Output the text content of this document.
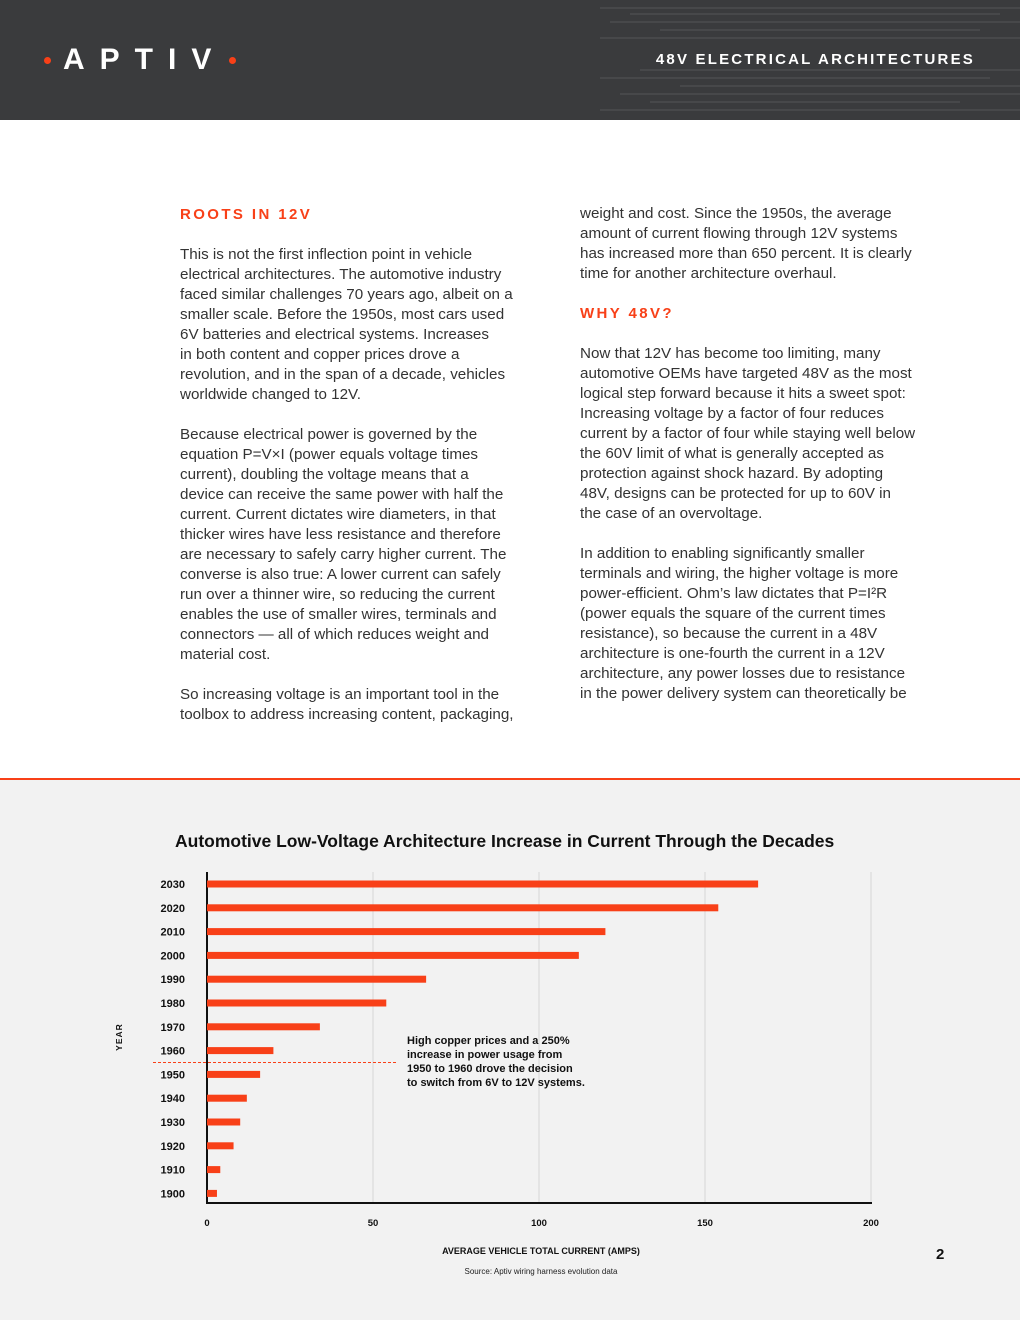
APTIV	48V ELECTRICAL ARCHITECTURES
ROOTS IN 12V
This is not the first inflection point in vehicle
electrical architectures. The automotive industry
faced similar challenges 70 years ago, albeit on a
smaller scale. Before the 1950s, most cars used
6V batteries and electrical systems. Increases
in both content and copper prices drove a
revolution, and in the span of a decade, vehicles
worldwide changed to 12V.
Because electrical power is governed by the
equation P=V×I (power equals voltage times
current), doubling the voltage means that a
device can receive the same power with half the
current. Current dictates wire diameters, in that
thicker wires have less resistance and therefore
are necessary to safely carry higher current. The
converse is also true: A lower current can safely
run over a thinner wire, so reducing the current
enables the use of smaller wires, terminals and
connectors — all of which reduces weight and
material cost.
So increasing voltage is an important tool in the
toolbox to address increasing content, packaging,
weight and cost. Since the 1950s, the average
amount of current flowing through 12V systems
has increased more than 650 percent. It is clearly
time for another architecture overhaul.
WHY 48V?
Now that 12V has become too limiting, many
automotive OEMs have targeted 48V as the most
logical step forward because it hits a sweet spot:
Increasing voltage by a factor of four reduces
current by a factor of four while staying well below
the 60V limit of what is generally accepted as
protection against shock hazard. By adopting
48V, designs can be protected for up to 60V in
the case of an overvoltage.
In addition to enabling significantly smaller
terminals and wiring, the higher voltage is more
power-efficient. Ohm’s law dictates that P=I²R
(power equals the square of the current times
resistance), so because the current in a 48V
architecture is one-fourth the current in a 12V
architecture, any power losses due to resistance
in the power delivery system can theoretically be
Automotive Low-Voltage Architecture Increase in Current Through the Decades
2030
2020
2010
2000
1990
1980
1970
1960
1950
1940
1930
1920
1910
1900
0	50	100	150	200
YEAR
AVERAGE VEHICLE TOTAL CURRENT (AMPS)
Source: Aptiv wiring harness evolution data
High copper prices and a 250% increase in power usage from 1950 to 1960 drove the decision to switch from 6V to 12V systems.
2
